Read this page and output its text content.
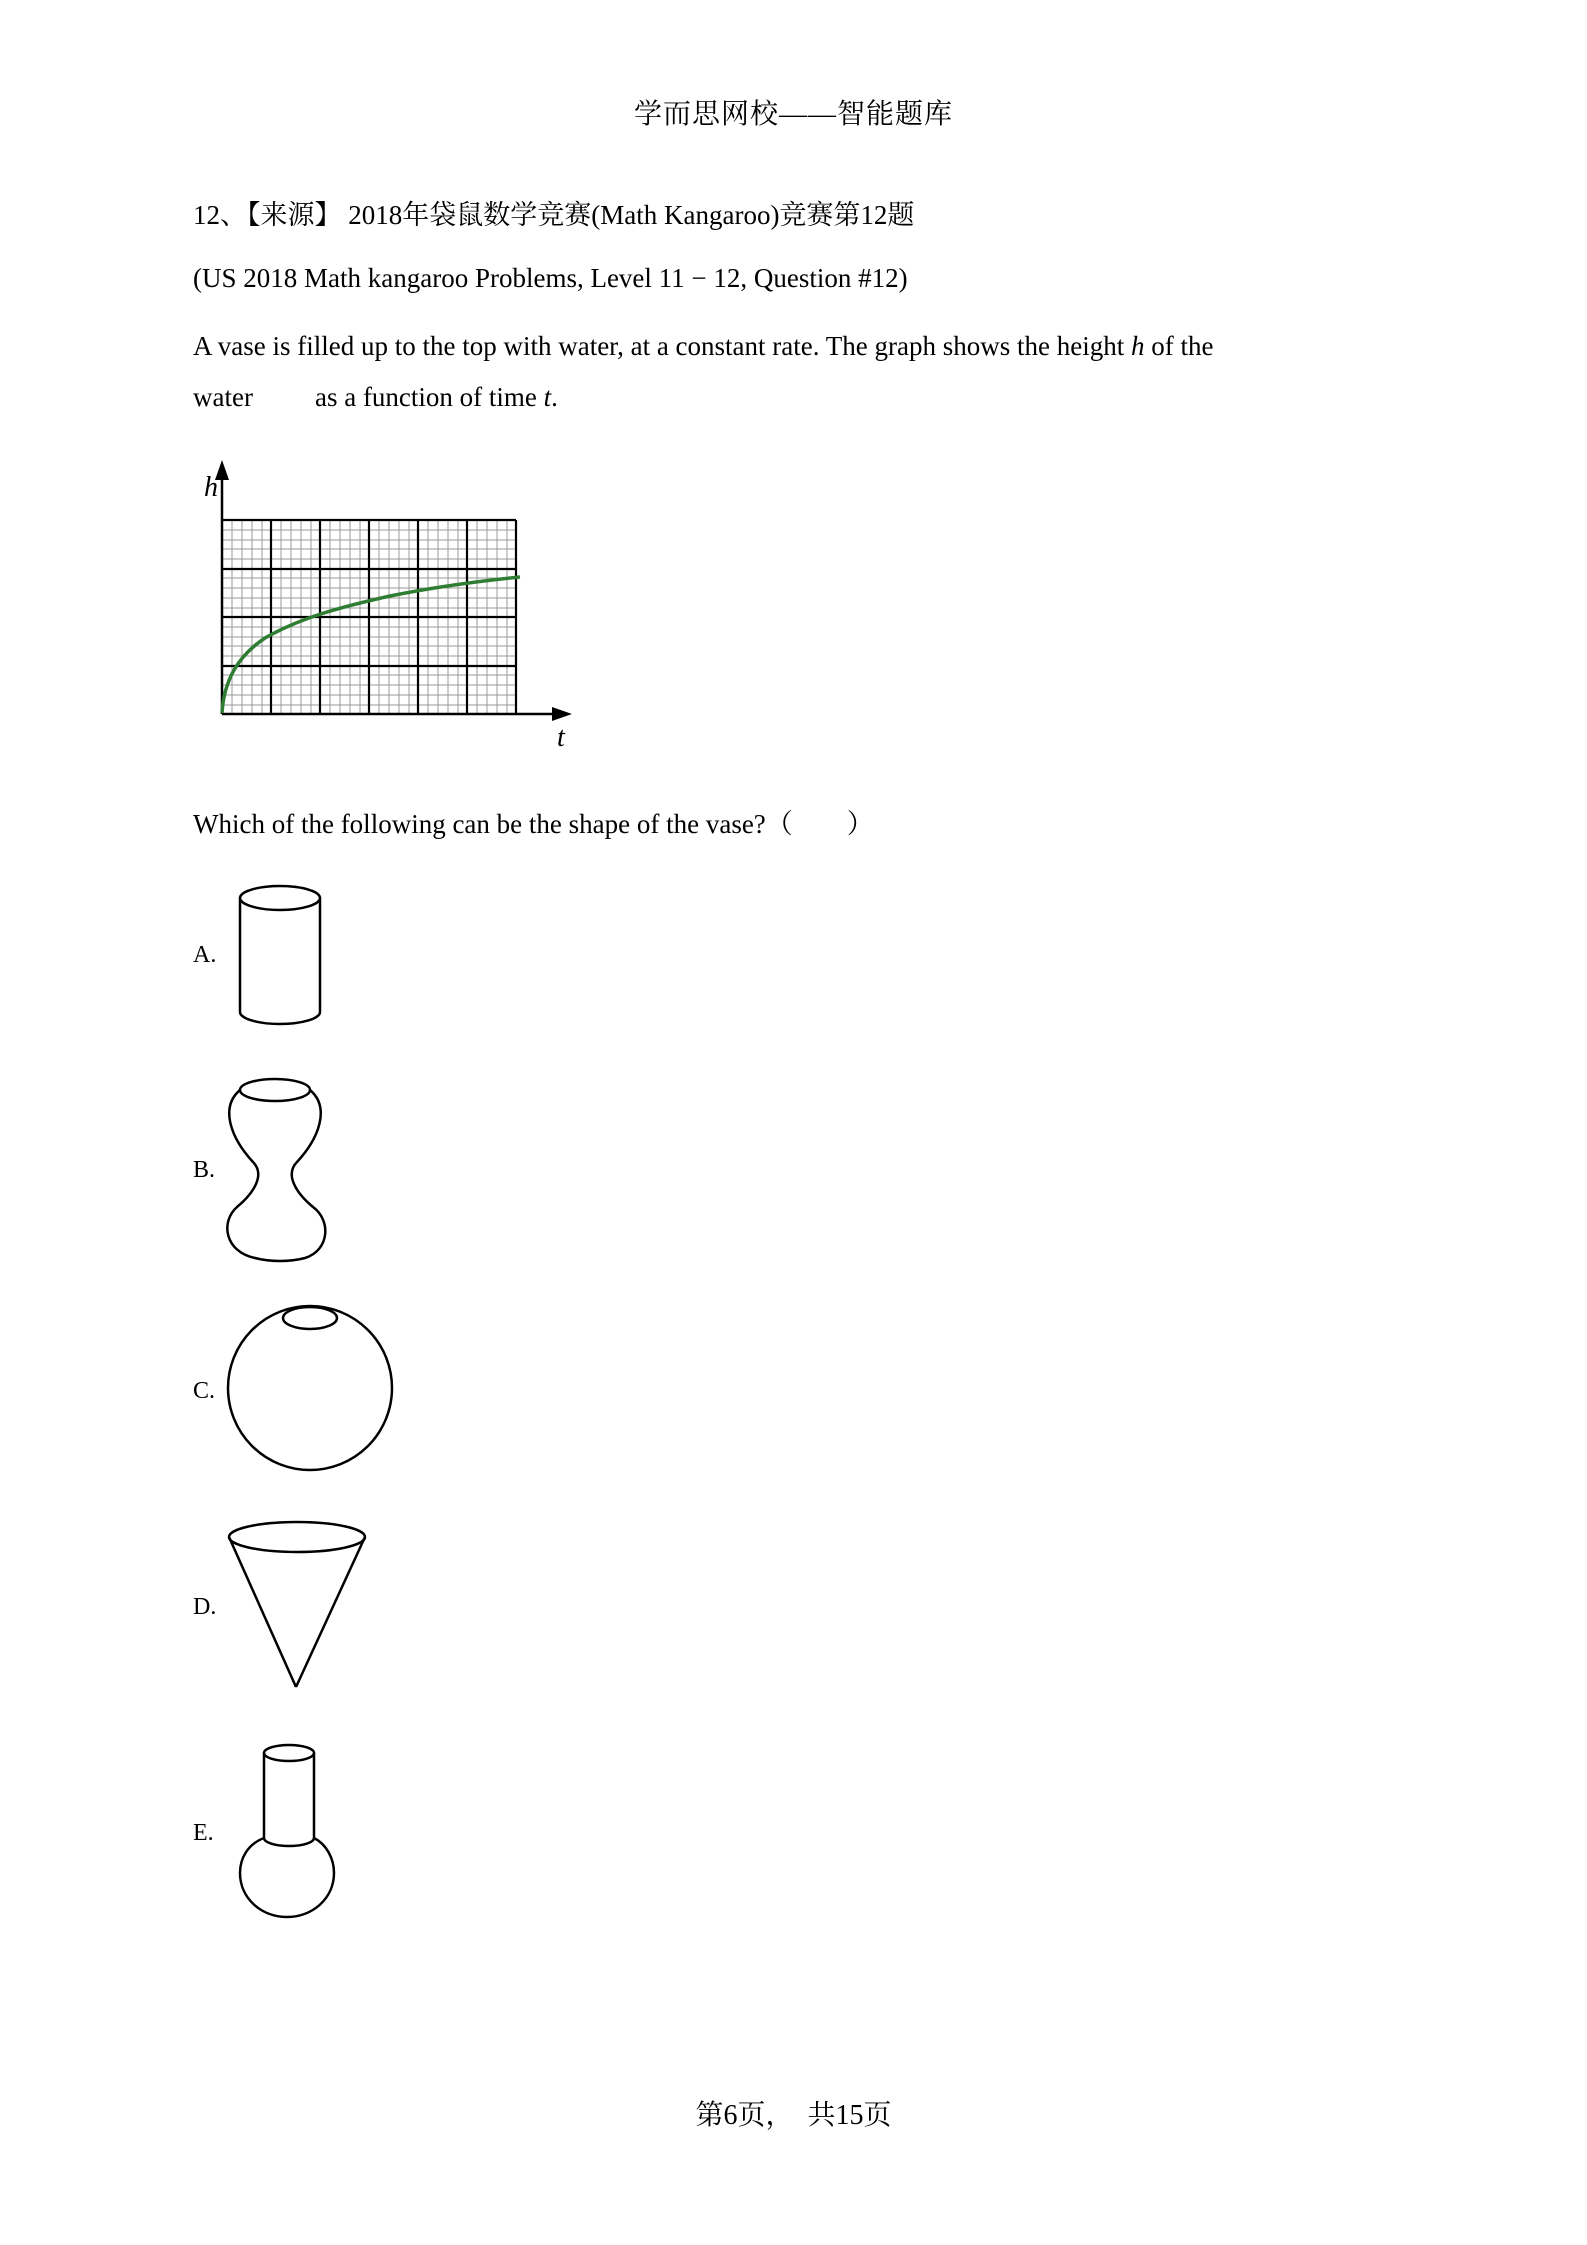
学而思网校——智能题库
12、【来源】 2018年袋鼠数学竞赛(Math Kangaroo)竞赛第12题
(US 2018 Math kangaroo Problems, Level 11 − 12, Question #12)
A vase is filled up to the top with water, at a constant rate. The graph shows the height h of the
water as a function of time t.
h
t
Which of the following can be the shape of the vase?（　　）
A.
B.
C.
D.
E.
第6页，　共15页
